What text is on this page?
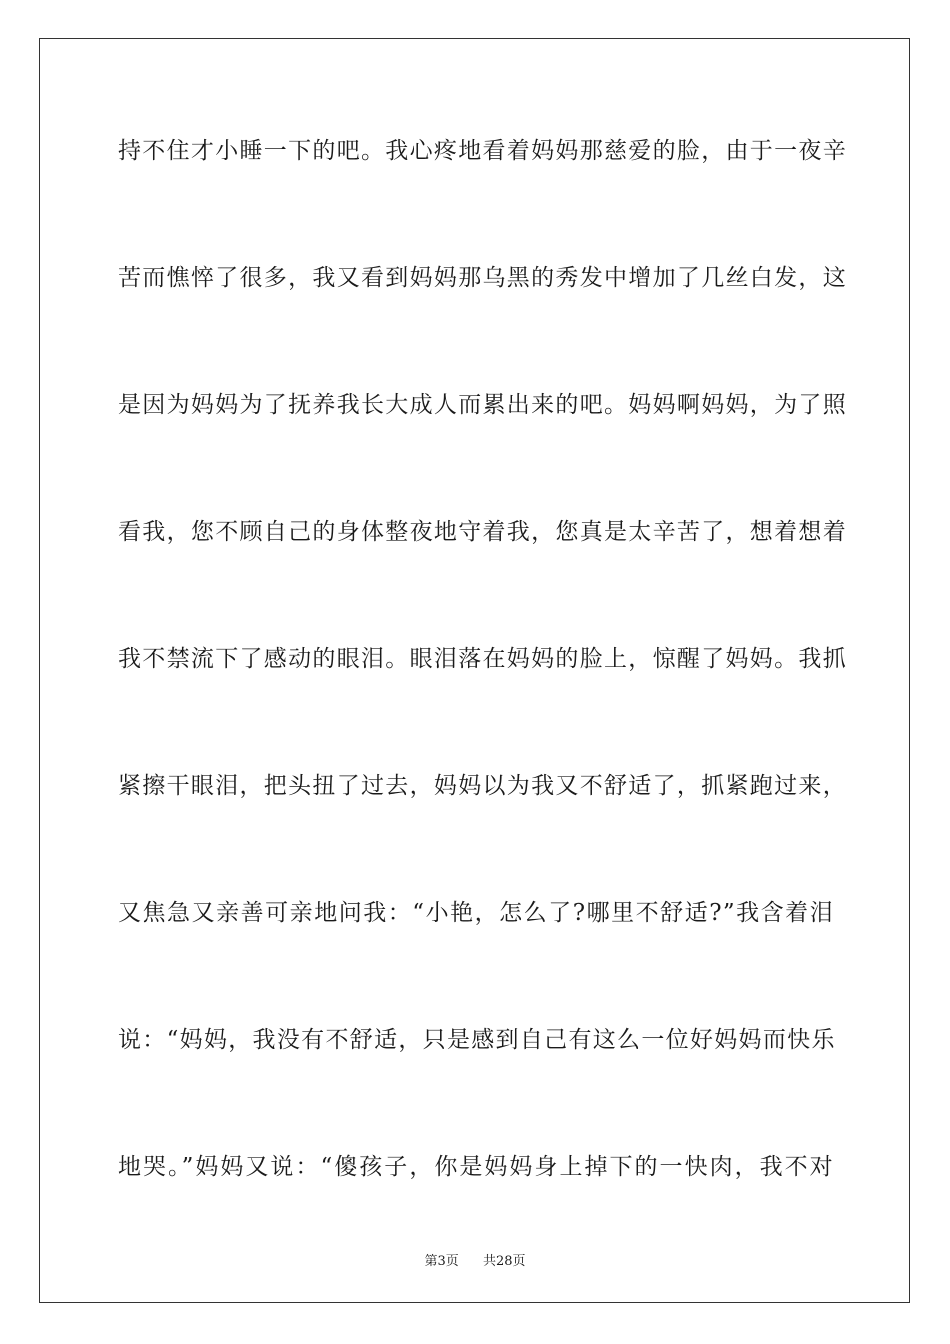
持不住才小睡一下的吧。我心疼地看着妈妈那慈爱的脸，由于一夜辛

苦而憔悴了很多，我又看到妈妈那乌黑的秀发中增加了几丝白发，这

是因为妈妈为了抚养我长大成人而累出来的吧。妈妈啊妈妈，为了照

看我，您不顾自己的身体整夜地守着我，您真是太辛苦了，想着想着

我不禁流下了感动的眼泪。眼泪落在妈妈的脸上，惊醒了妈妈。我抓

紧擦干眼泪，把头扭了过去，妈妈以为我又不舒适了，抓紧跑过来，

又焦急又亲善可亲地问我：“小艳，怎么了?哪里不舒适?”我含着泪

说：“妈妈，我没有不舒适，只是感到自己有这么一位好妈妈而快乐

地哭。”妈妈又说：“傻孩子，你是妈妈身上掉下的一快肉，我不对

第3页 共28页
